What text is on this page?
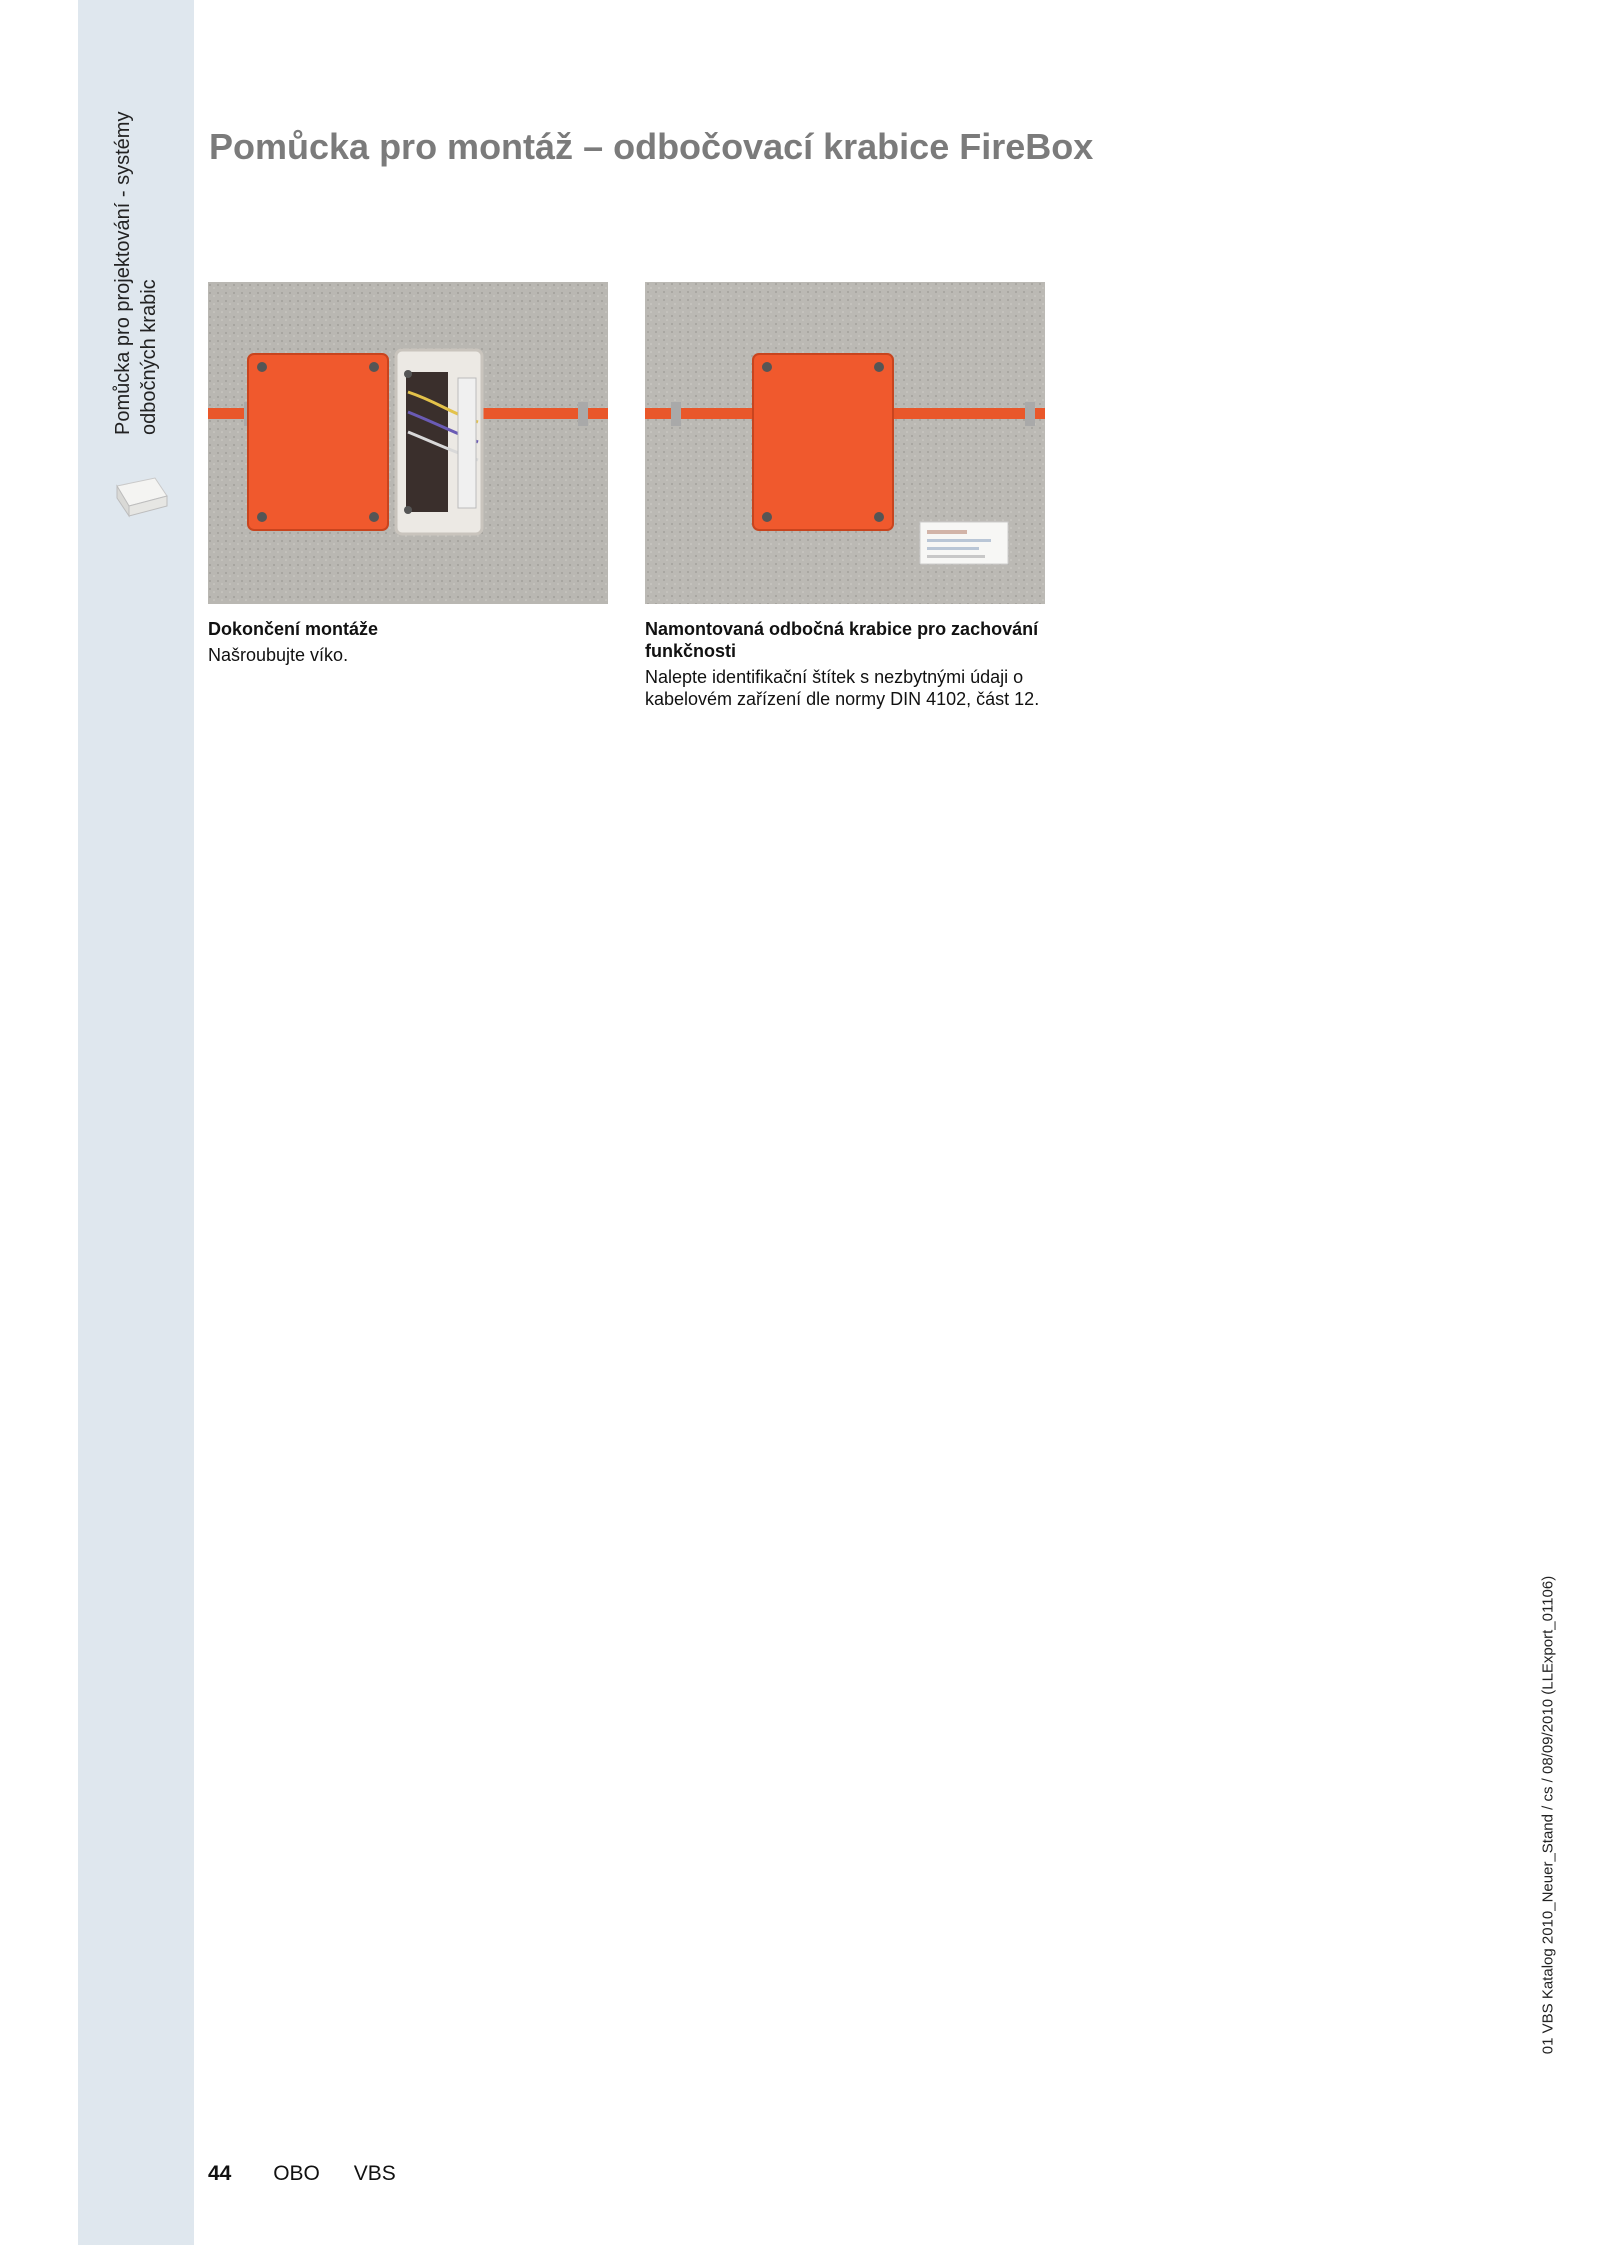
Pomůcka pro projektování - systémy odbočných krabic
Pomůcka pro montáž – odbočovací krabice FireBox
Dokončení montáže
Našroubujte víko.
Namontovaná odbočná krabice pro zachování funkčnosti
Nalepte identifikační štítek s nezbytnými údaji o kabelovém zařízení dle normy DIN 4102, část 12.
44 OBO VBS
01 VBS Katalog 2010_Neuer_Stand / cs / 08/09/2010 (LLExport_01106)
